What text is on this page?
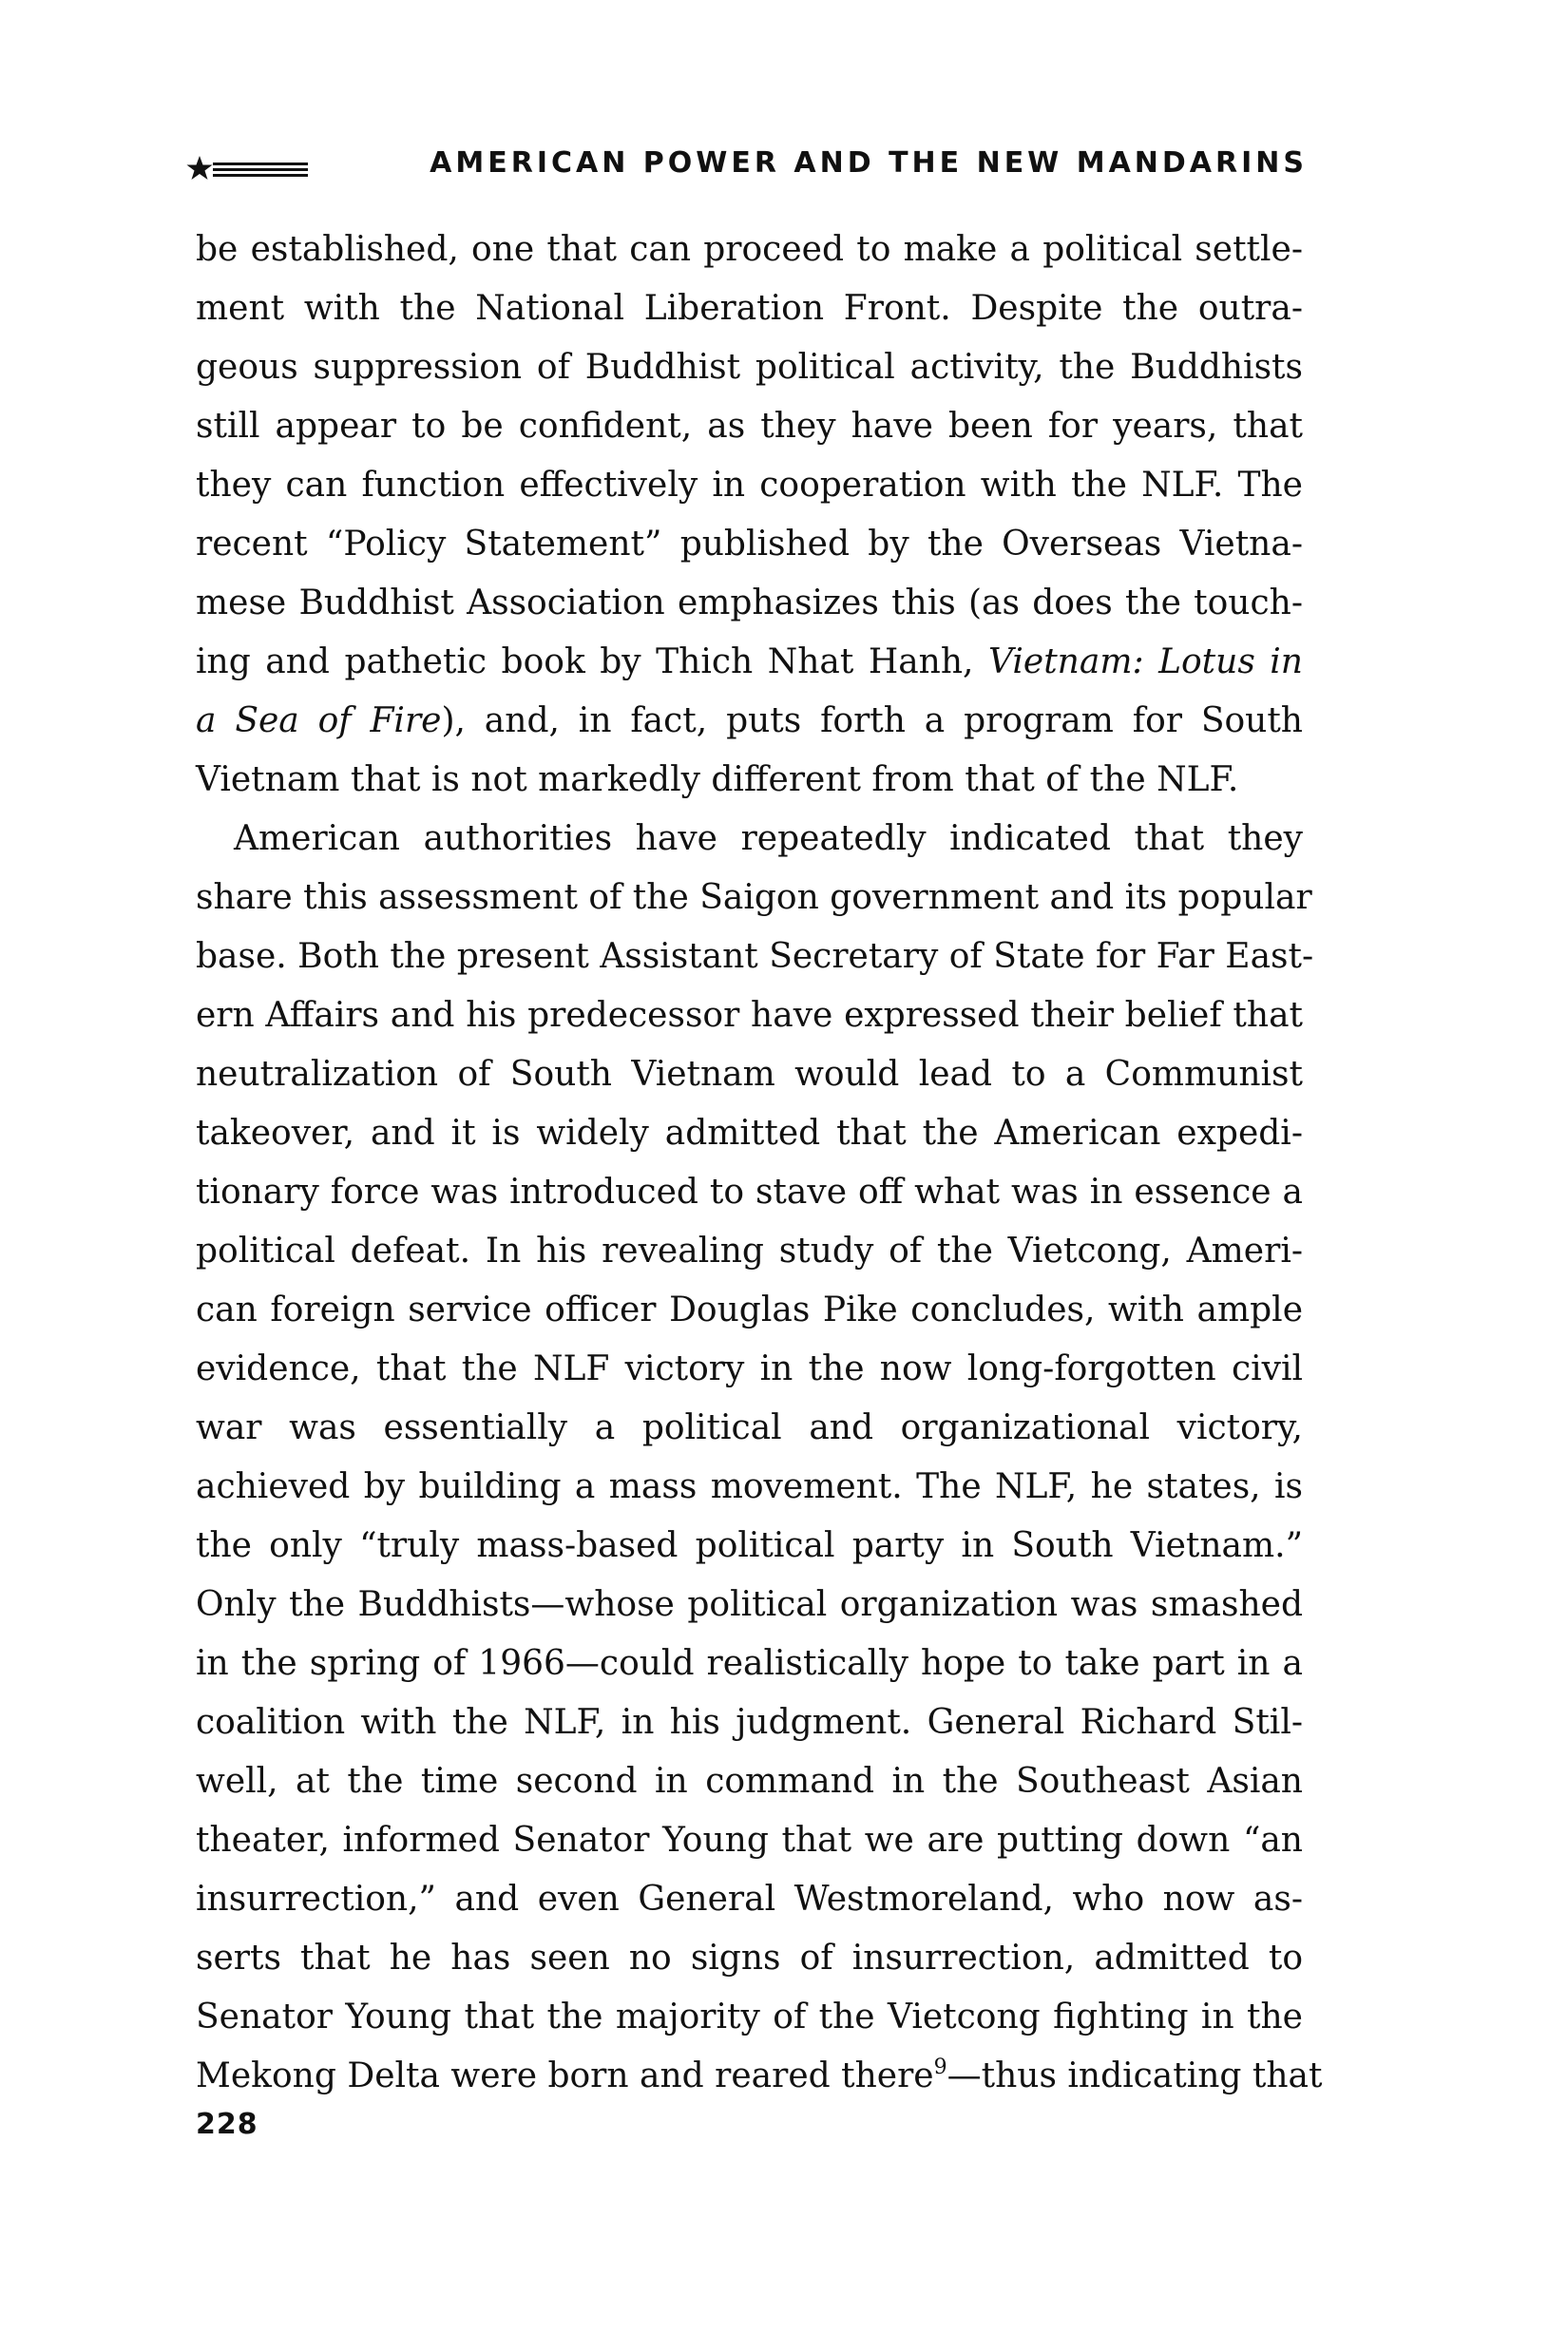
AMERICAN POWER AND THE NEW MANDARINS
be established, one that can proceed to make a political settle-
ment with the National Liberation Front. Despite the outra-
geous suppression of Buddhist political activity, the Buddhists
still appear to be confident, as they have been for years, that
they can function effectively in cooperation with the NLF. The
recent “Policy Statement” published by the Overseas Vietna-
mese Buddhist Association emphasizes this (as does the touch-
ing and pathetic book by Thich Nhat Hanh, Vietnam: Lotus in
a Sea of Fire), and, in fact, puts forth a program for South
Vietnam that is not markedly different from that of the NLF.
American authorities have repeatedly indicated that they
share this assessment of the Saigon government and its popular
base. Both the present Assistant Secretary of State for Far East-
ern Affairs and his predecessor have expressed their belief that
neutralization of South Vietnam would lead to a Communist
takeover, and it is widely admitted that the American expedi-
tionary force was introduced to stave off what was in essence a
political defeat. In his revealing study of the Vietcong, Ameri-
can foreign service officer Douglas Pike concludes, with ample
evidence, that the NLF victory in the now long-forgotten civil
war was essentially a political and organizational victory,
achieved by building a mass movement. The NLF, he states, is
the only “truly mass-based political party in South Vietnam.”
Only the Buddhists—whose political organization was smashed
in the spring of 1966—could realistically hope to take part in a
coalition with the NLF, in his judgment. General Richard Stil-
well, at the time second in command in the Southeast Asian
theater, informed Senator Young that we are putting down “an
insurrection,” and even General Westmoreland, who now as-
serts that he has seen no signs of insurrection, admitted to
Senator Young that the majority of the Vietcong fighting in the
Mekong Delta were born and reared there$^9$—thus indicating that
228
